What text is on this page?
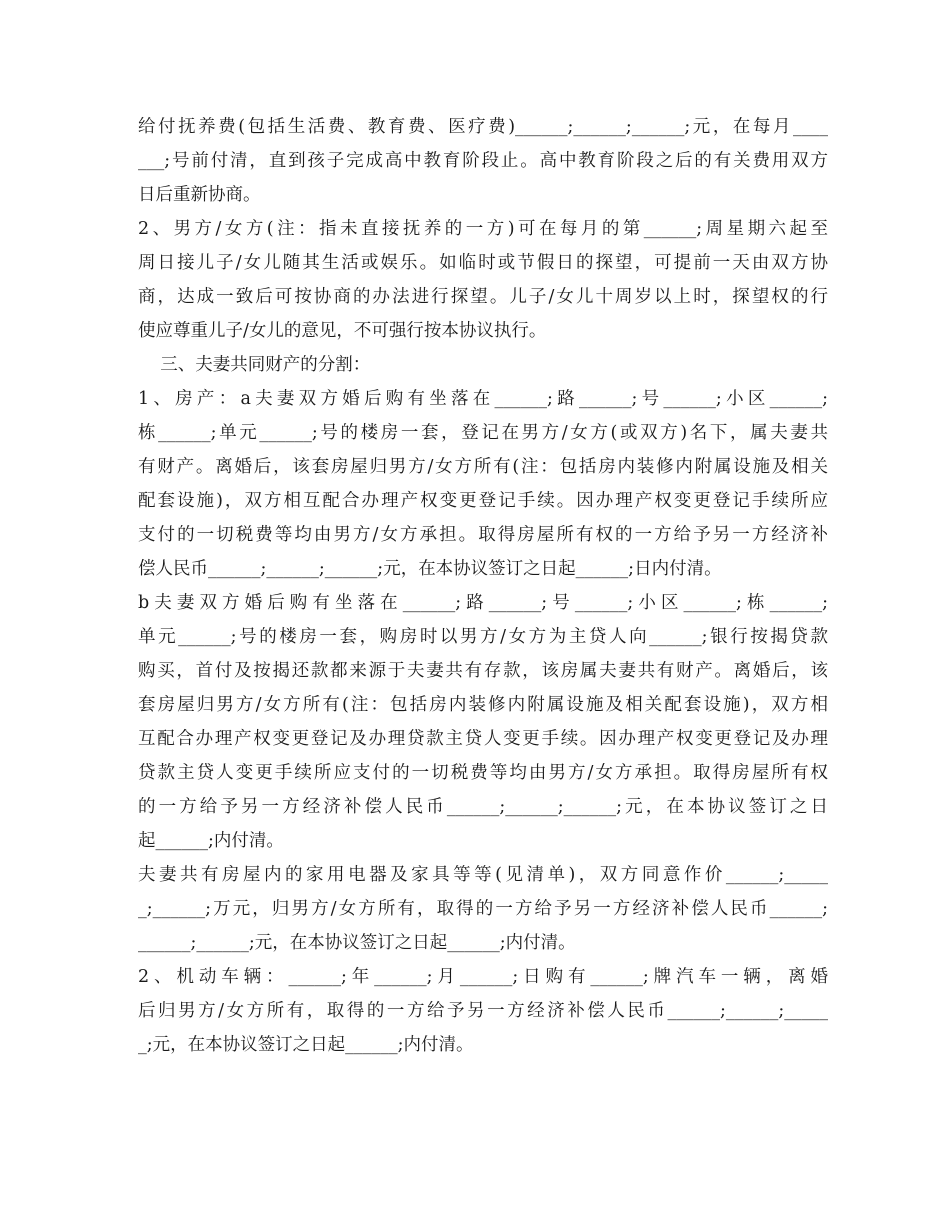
给付抚养费(包括生活费、教育费、医疗费)______;______;______;元，在每月____
___;号前付清，直到孩子完成高中教育阶段止。高中教育阶段之后的有关费用双方
日后重新协商。
2、男方/女方(注：指未直接抚养的一方)可在每月的第______;周星期六起至
周日接儿子/女儿随其生活或娱乐。如临时或节假日的探望，可提前一天由双方协
商，达成一致后可按协商的办法进行探望。儿子/女儿十周岁以上时，探望权的行
使应尊重儿子/女儿的意见，不可强行按本协议执行。
三、夫妻共同财产的分割：
1、房产：a夫妻双方婚后购有坐落在______;路______;号______;小区______;
栋______;单元______;号的楼房一套，登记在男方/女方(或双方)名下，属夫妻共
有财产。离婚后，该套房屋归男方/女方所有(注：包括房内装修内附属设施及相关
配套设施)，双方相互配合办理产权变更登记手续。因办理产权变更登记手续所应
支付的一切税费等均由男方/女方承担。取得房屋所有权的一方给予另一方经济补
偿人民币______;______;______;元，在本协议签订之日起______;日内付清。
b夫妻双方婚后购有坐落在______;路______;号______;小区______;栋______;
单元______;号的楼房一套，购房时以男方/女方为主贷人向______;银行按揭贷款
购买，首付及按揭还款都来源于夫妻共有存款，该房属夫妻共有财产。离婚后，该
套房屋归男方/女方所有(注：包括房内装修内附属设施及相关配套设施)，双方相
互配合办理产权变更登记及办理贷款主贷人变更手续。因办理产权变更登记及办理
贷款主贷人变更手续所应支付的一切税费等均由男方/女方承担。取得房屋所有权
的一方给予另一方经济补偿人民币______;______;______;元，在本协议签订之日
起______;内付清。
夫妻共有房屋内的家用电器及家具等等(见清单)，双方同意作价______;_____
_;______;万元，归男方/女方所有，取得的一方给予另一方经济补偿人民币______;
______;______;元，在本协议签订之日起______;内付清。
2、机动车辆：______;年______;月______;日购有______;牌汽车一辆，离婚
后归男方/女方所有，取得的一方给予另一方经济补偿人民币______;______;_____
_;元，在本协议签订之日起______;内付清。
